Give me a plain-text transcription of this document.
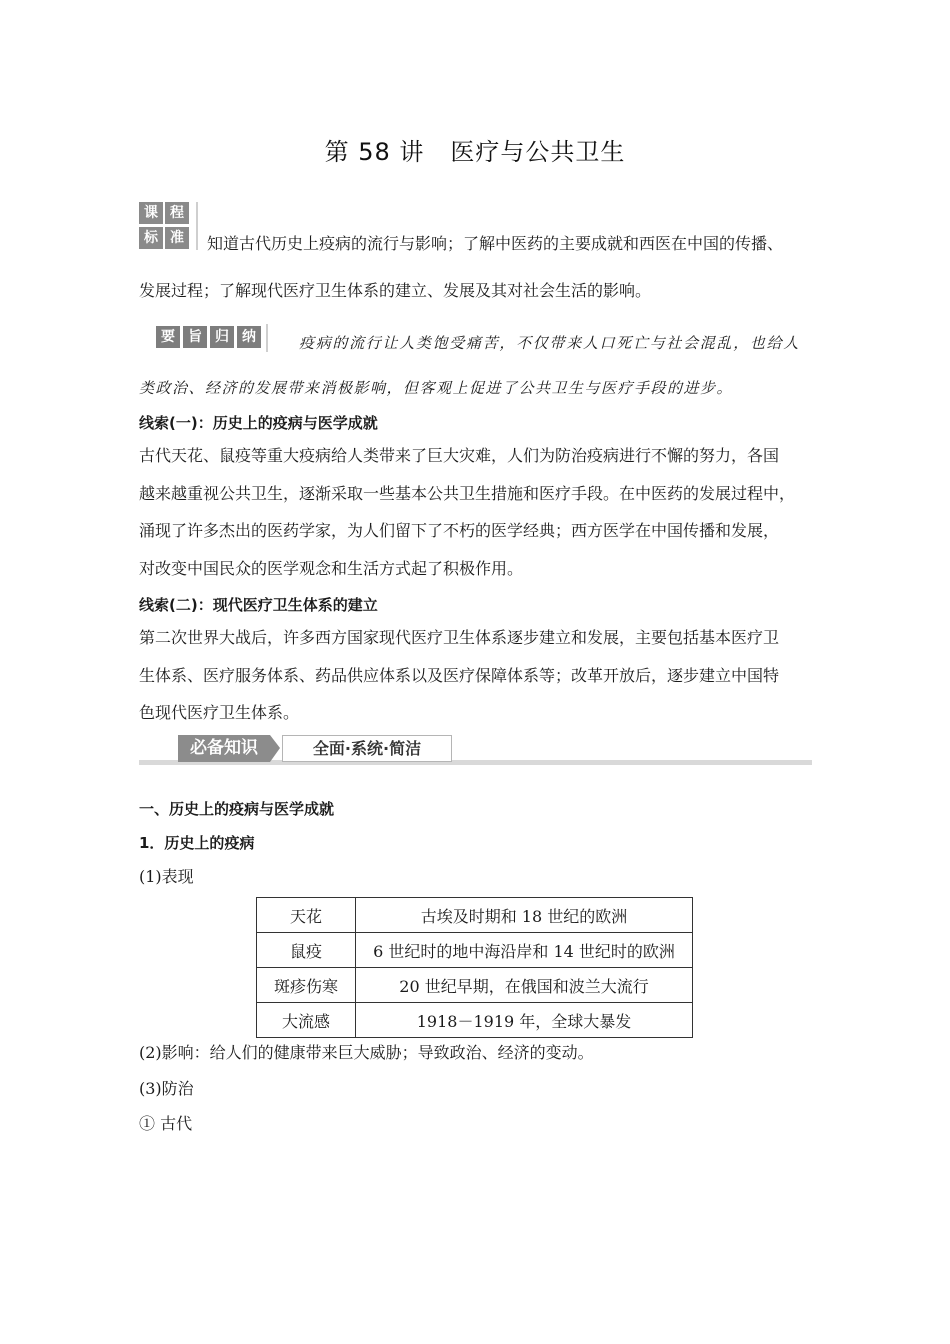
第 58 讲 医疗与公共卫生
课 程
标 准	知道古代历史上疫病的流行与影响；了解中医药的主要成就和西医在中国的传播、
发展过程；了解现代医疗卫生体系的建立、发展及其对社会生活的影响。
要 旨 归 纳	疫病的流行让人类饱受痛苦，不仅带来人口死亡与社会混乱，也给人
类政治、经济的发展带来消极影响，但客观上促进了公共卫生与医疗手段的进步。
线索(一)：历史上的疫病与医学成就
古代天花、鼠疫等重大疫病给人类带来了巨大灾难，人们为防治疫病进行不懈的努力，各国
越来越重视公共卫生，逐渐采取一些基本公共卫生措施和医疗手段。在中医药的发展过程中，
涌现了许多杰出的医药学家，为人们留下了不朽的医学经典；西方医学在中国传播和发展，
对改变中国民众的医学观念和生活方式起了积极作用。
线索(二)：现代医疗卫生体系的建立
第二次世界大战后，许多西方国家现代医疗卫生体系逐步建立和发展，主要包括基本医疗卫
生体系、医疗服务体系、药品供应体系以及医疗保障体系等；改革开放后，逐步建立中国特
色现代医疗卫生体系。
必备知识	全面·系统·简洁
一、历史上的疫病与医学成就
1．历史上的疫病
(1)表现
天花	古埃及时期和 18 世纪的欧洲
鼠疫	6 世纪时的地中海沿岸和 14 世纪时的欧洲
斑疹伤寒	20 世纪早期，在俄国和波兰大流行
大流感	1918－1919 年，全球大暴发
(2)影响：给人们的健康带来巨大威胁；导致政治、经济的变动。
(3)防治
① 古代
